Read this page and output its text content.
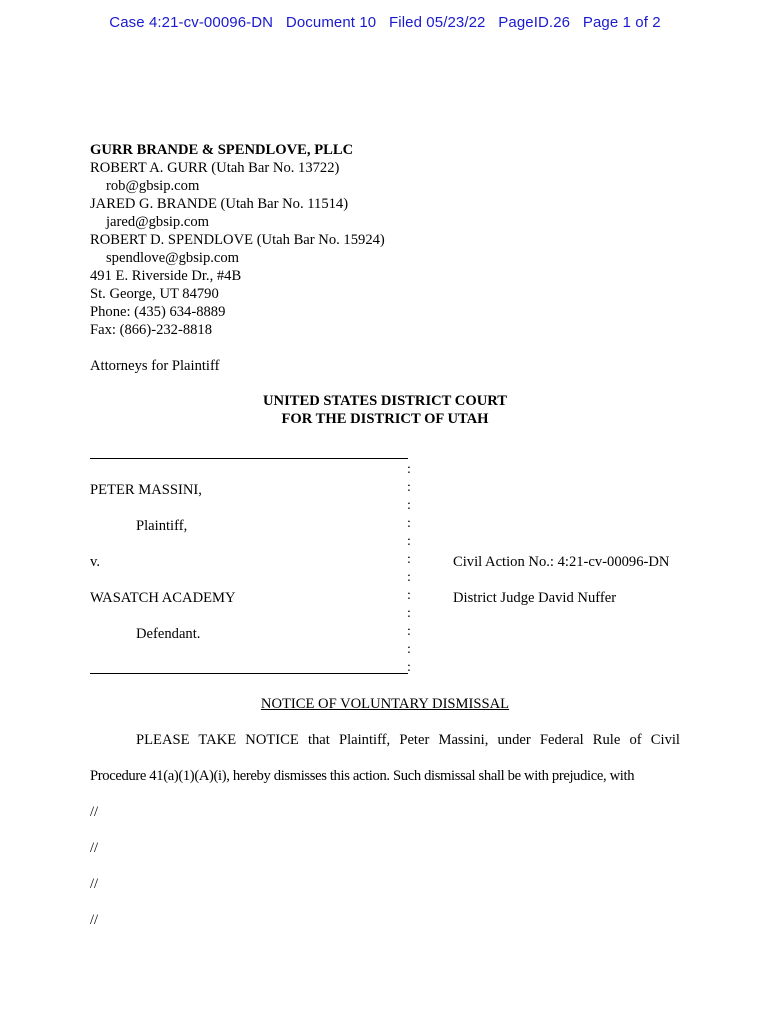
Case 4:21-cv-00096-DN   Document 10   Filed 05/23/22   PageID.26   Page 1 of 2
GURR BRANDE & SPENDLOVE, PLLC
ROBERT A. GURR (Utah Bar No. 13722)
rob@gbsip.com
JARED G. BRANDE (Utah Bar No. 11514)
jared@gbsip.com
ROBERT D. SPENDLOVE (Utah Bar No. 15924)
spendlove@gbsip.com
491 E. Riverside Dr., #4B
St. George, UT 84790
Phone: (435) 634-8889
Fax: (866)-232-8818
Attorneys for Plaintiff
UNITED STATES DISTRICT COURT
FOR THE DISTRICT OF UTAH
:
:
:
:
:
:
:
:
:
:
:
:
PETER MASSINI,
Plaintiff,
v.
WASATCH ACADEMY
Defendant.
Civil Action No.: 4:21-cv-00096-DN
District Judge David Nuffer
NOTICE OF VOLUNTARY DISMISSAL
PLEASE TAKE NOTICE that Plaintiff, Peter Massini, under Federal Rule of Civil
Procedure 41(a)(1)(A)(i), hereby dismisses this action. Such dismissal shall be with prejudice, with
//
//
//
//
